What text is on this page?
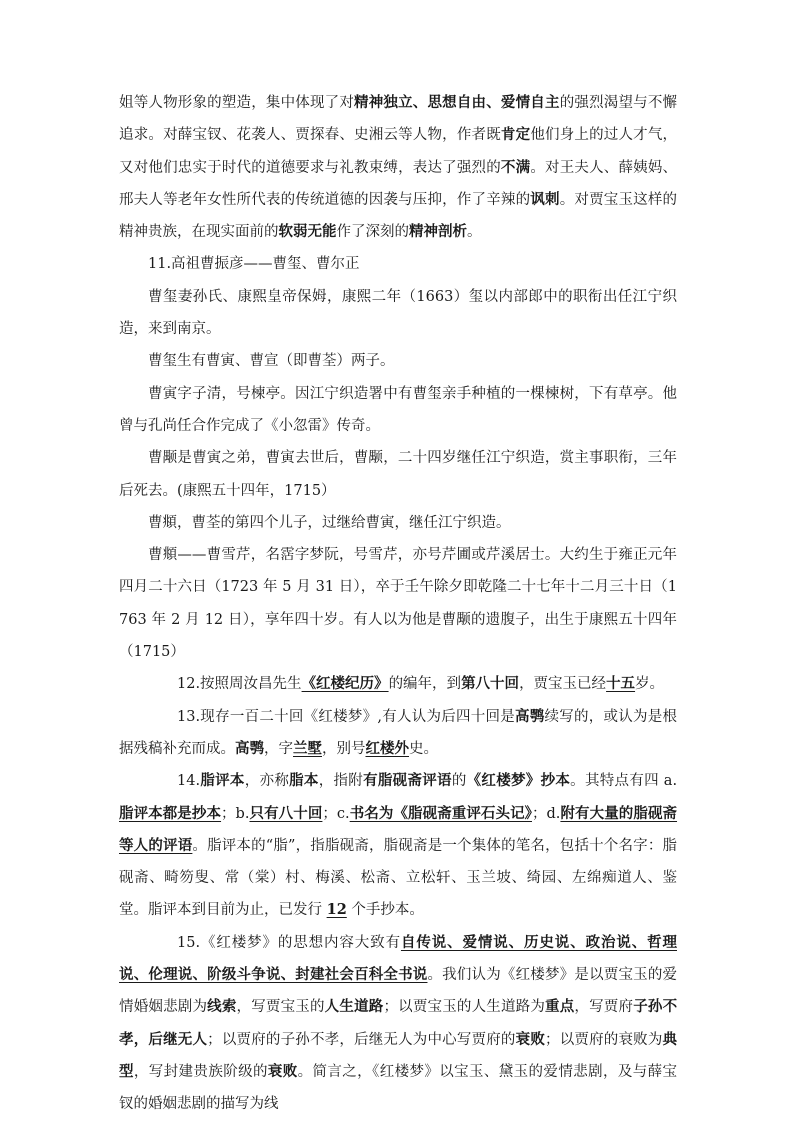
姐等人物形象的塑造，集中体现了对精神独立、思想自由、爱情自主的强烈渴望与不懈追求。对薛宝钗、花袭人、贾探春、史湘云等人物，作者既肯定他们身上的过人才气，又对他们忠实于时代的道德要求与礼教束缚，表达了强烈的不满。对王夫人、薛姨妈、邢夫人等老年女性所代表的传统道德的因袭与压抑，作了辛辣的讽刺。对贾宝玉这样的精神贵族，在现实面前的软弱无能作了深刻的精神剖析。

11.高祖曹振彦——曹玺、曹尔正

曹玺妻孙氏、康熙皇帝保姆，康熙二年（1663）玺以内部郎中的职衔出任江宁织造，来到南京。

曹玺生有曹寅、曹宣（即曹荃）两子。

曹寅字子清，号楝亭。因江宁织造署中有曹玺亲手种植的一棵楝树，下有草亭。他曾与孔尚任合作完成了《小忽雷》传奇。

曹颙是曹寅之弟，曹寅去世后，曹颙，二十四岁继任江宁织造，赏主事职衔，三年后死去。(康熙五十四年，1715）

曹頫，曹荃的第四个儿子，过继给曹寅，继任江宁织造。

曹頫——曹雪芹，名霑字梦阮，号雪芹，亦号芹圃或芹溪居士。大约生于雍正元年四月二十六日（1723 年 5 月 31 日），卒于壬午除夕即乾隆二十七年十二月三十日（1763 年 2 月 12 日），享年四十岁。有人以为他是曹颙的遗腹子，出生于康熙五十四年（1715）

12.按照周汝昌先生《红楼纪历》的编年，到第八十回，贾宝玉已经十五岁。

13.现存一百二十回《红楼梦》,有人认为后四十回是高鹗续写的，或认为是根据残稿补充而成。高鹗，字兰墅，别号红楼外史。

14.脂评本，亦称脂本，指附有脂砚斋评语的《红楼梦》抄本。其特点有四 a.脂评本都是抄本；b.只有八十回；c.书名为《脂砚斋重评石头记》；d.附有大量的脂砚斋等人的评语。脂评本的“脂”，指脂砚斋，脂砚斋是一个集体的笔名，包括十个名字：脂砚斋、畸笏叟、常（棠）村、梅溪、松斋、立松轩、玉兰坡、绮园、左绵痴道人、鉴堂。脂评本到目前为止，已发行 12 个手抄本。

15.《红楼梦》的思想内容大致有自传说、爱情说、历史说、政治说、哲理说、伦理说、阶级斗争说、封建社会百科全书说。我们认为《红楼梦》是以贾宝玉的爱情婚姻悲剧为线索，写贾宝玉的人生道路；以贾宝玉的人生道路为重点，写贾府子孙不孝，后继无人；以贾府的子孙不孝，后继无人为中心写贾府的衰败；以贾府的衰败为典型，写封建贵族阶级的衰败。简言之，《红楼梦》以宝玉、黛玉的爱情悲剧，及与薛宝钗的婚姻悲剧的描写为线
